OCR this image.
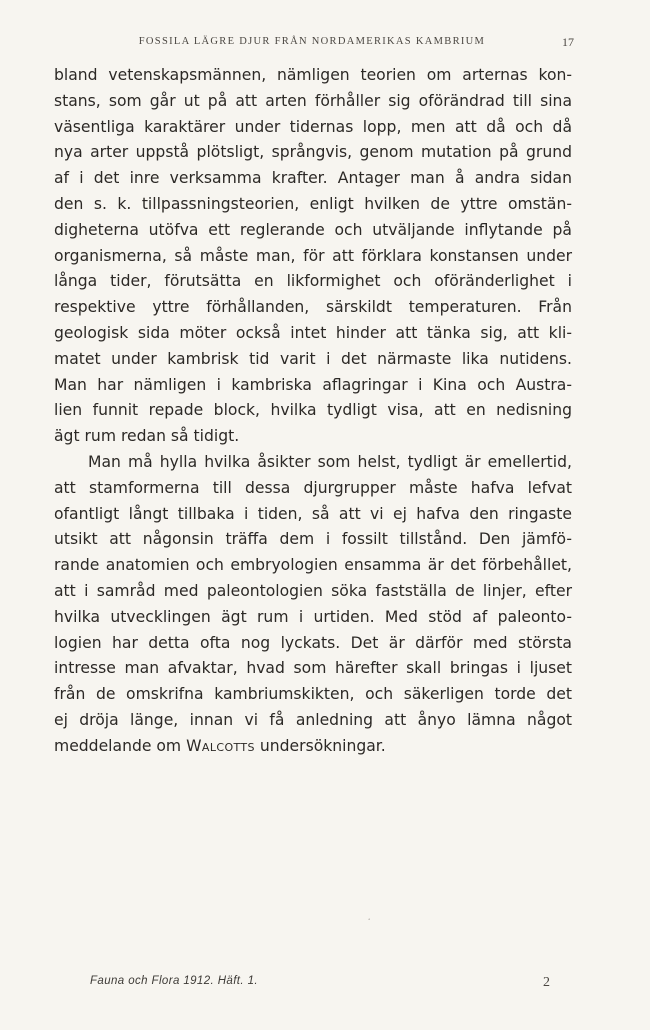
FOSSILA LÄGRE DJUR FRÅN NORDAMERIKAS KAMBRIUM	17
bland vetenskapsmännen, nämligen teorien om arternas kon-
stans, som går ut på att arten förhåller sig oförändrad till sina
väsentliga karaktärer under tidernas lopp, men att då och då
nya arter uppstå plötsligt, språngvis, genom mutation på grund
af i det inre verksamma krafter. Antager man å andra sidan
den s. k. tillpassningsteorien, enligt hvilken de yttre omstän-
digheterna utöfva ett reglerande och utväljande inflytande på
organismerna, så måste man, för att förklara konstansen under
långa tider, förutsätta en likformighet och oföränderlighet i
respektive yttre förhållanden, särskildt temperaturen. Från
geologisk sida möter också intet hinder att tänka sig, att kli-
matet under kambrisk tid varit i det närmaste lika nutidens.
Man har nämligen i kambriska aflagringar i Kina och Austra-
lien funnit repade block, hvilka tydligt visa, att en nedisning
ägt rum redan så tidigt.
Man må hylla hvilka åsikter som helst, tydligt är emellertid,
att stamformerna till dessa djurgrupper måste hafva lefvat
ofantligt långt tillbaka i tiden, så att vi ej hafva den ringaste
utsikt att någonsin träffa dem i fossilt tillstånd. Den jämfö-
rande anatomien och embryologien ensamma är det förbehållet,
att i samråd med paleontologien söka fastställa de linjer, efter
hvilka utvecklingen ägt rum i urtiden. Med stöd af paleonto-
logien har detta ofta nog lyckats. Det är därför med största
intresse man afvaktar, hvad som härefter skall bringas i ljuset
från de omskrifna kambriumskikten, och säkerligen torde det
ej dröja länge, innan vi få anledning att ånyo lämna något
meddelande om Walcotts undersökningar.
‘
Fauna och Flora 1912. Häft. 1.	2
